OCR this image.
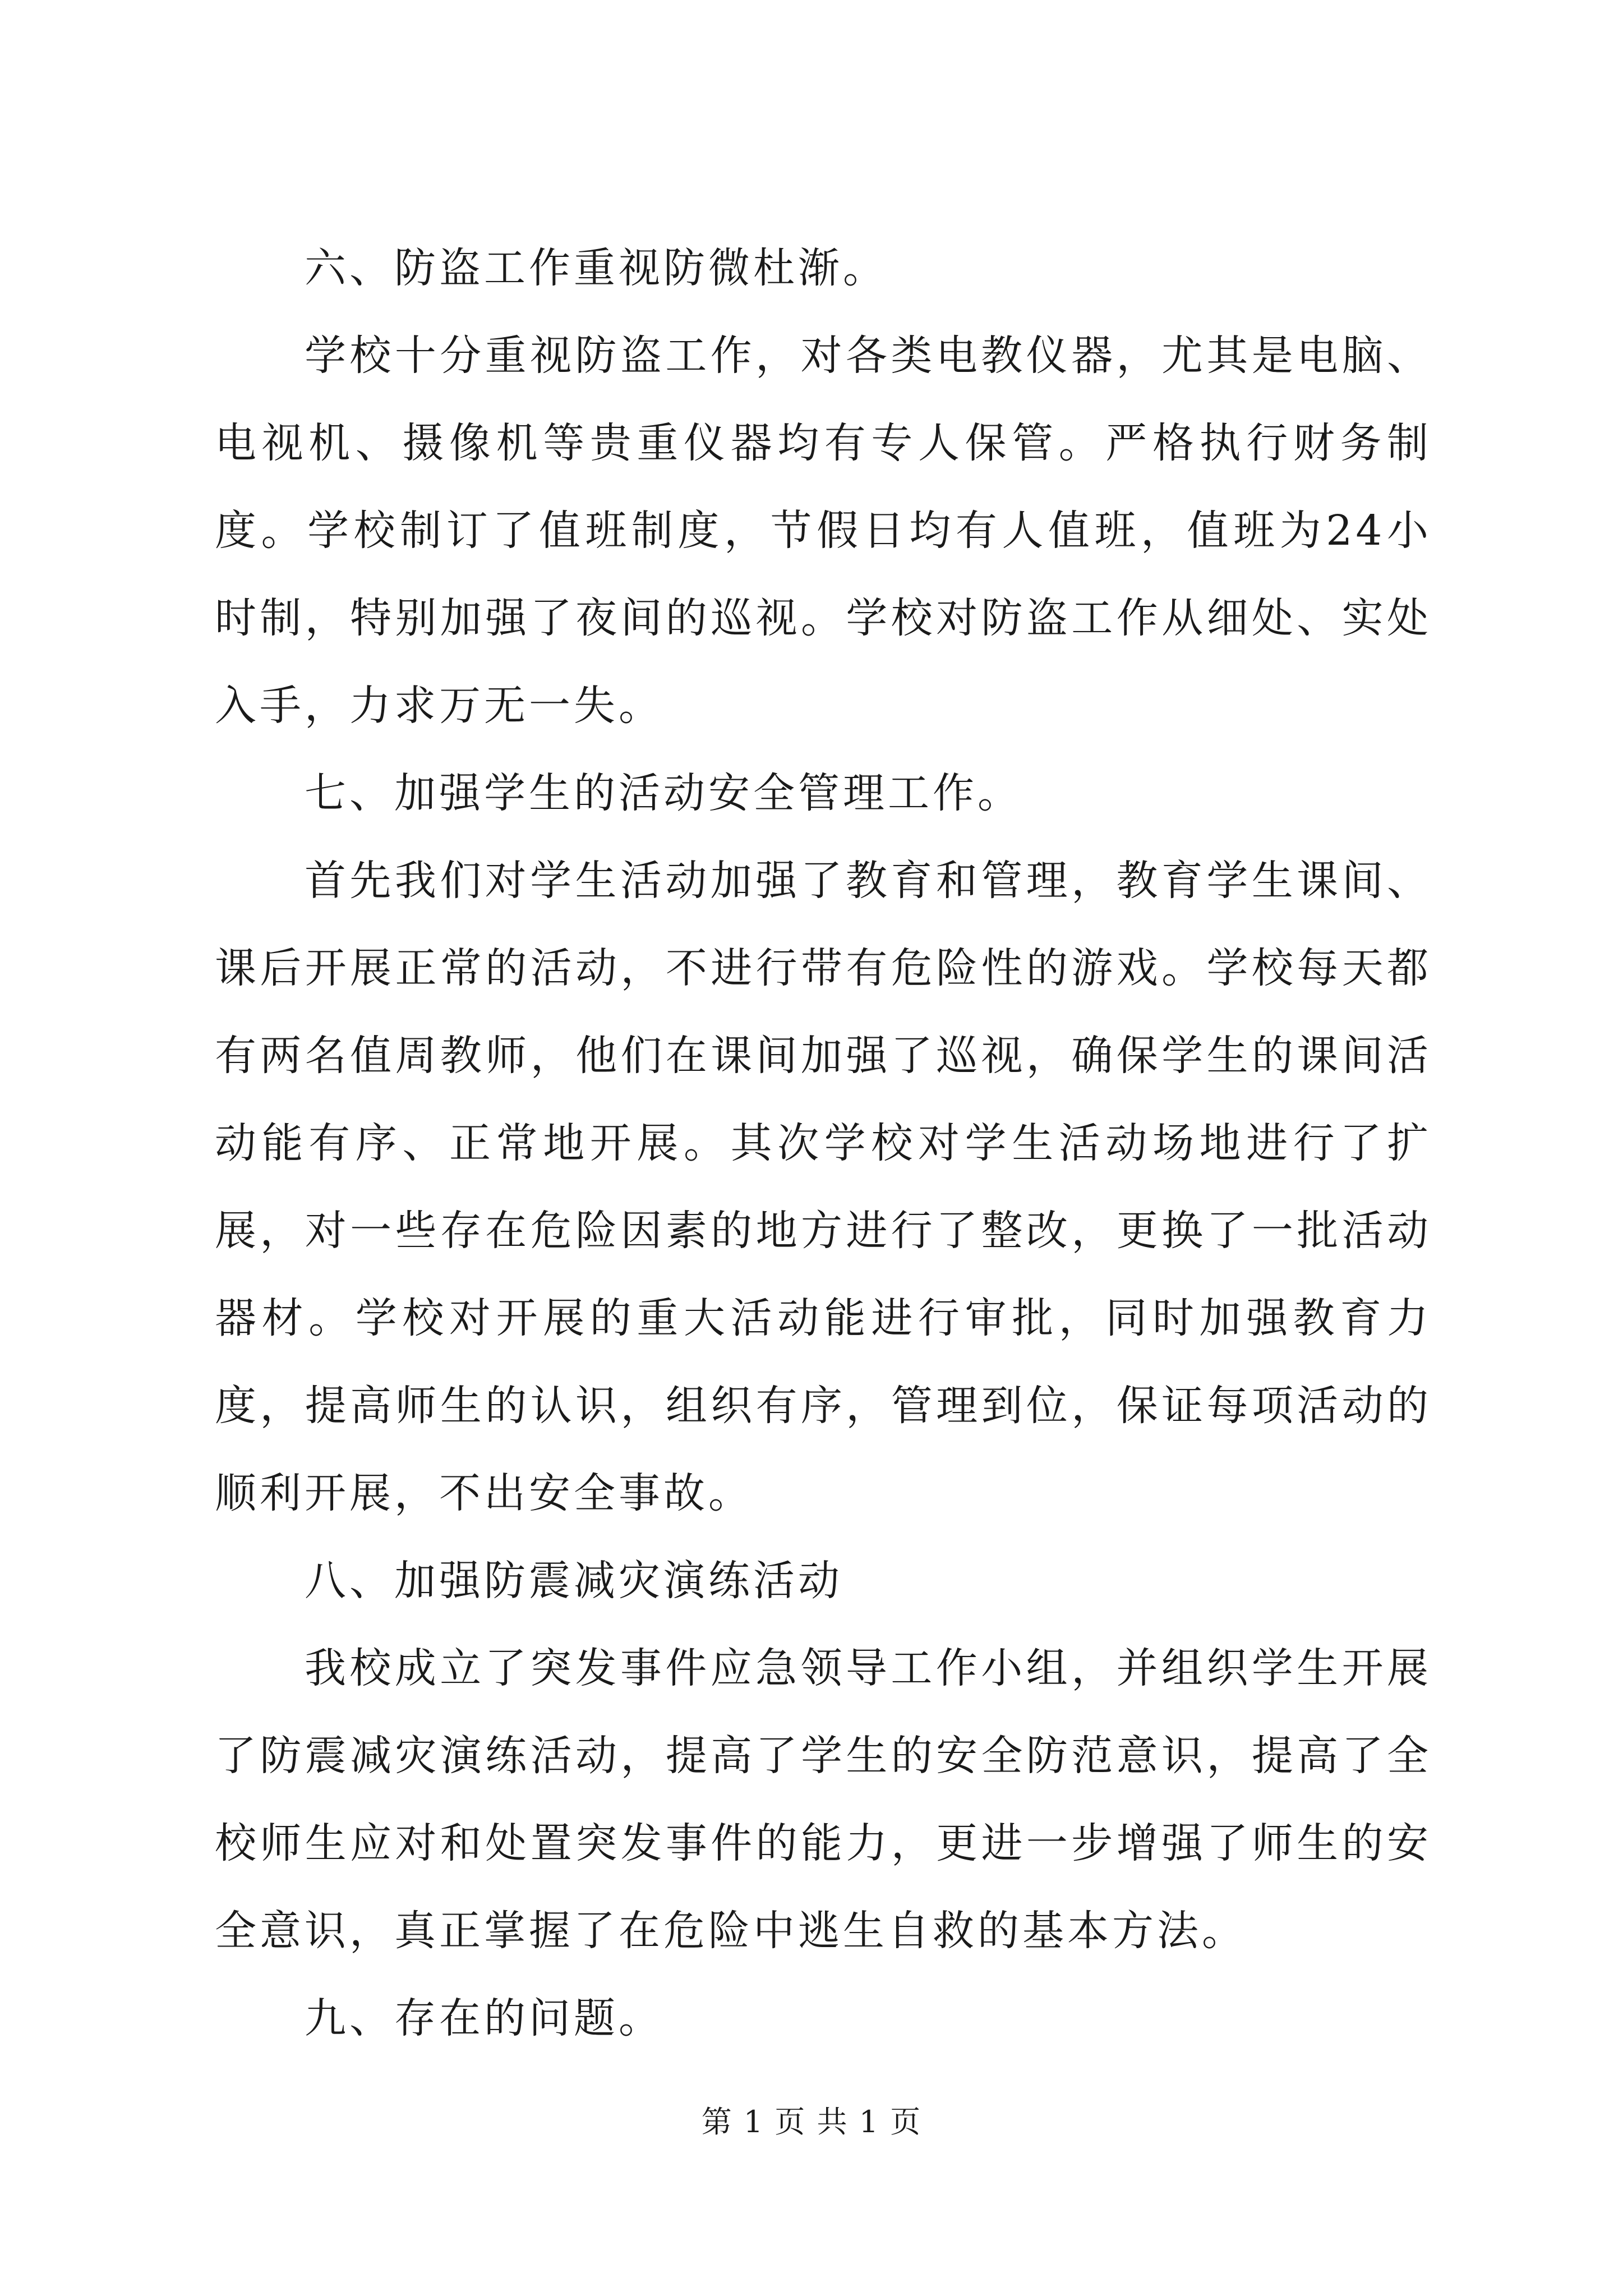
六、防盗工作重视防微杜渐。

学校十分重视防盗工作，对各类电教仪器，尤其是电脑、电视机、摄像机等贵重仪器均有专人保管。严格执行财务制度。学校制订了值班制度，节假日均有人值班，值班为24小时制，特别加强了夜间的巡视。学校对防盗工作从细处、实处入手，力求万无一失。

七、加强学生的活动安全管理工作。

首先我们对学生活动加强了教育和管理，教育学生课间、课后开展正常的活动，不进行带有危险性的游戏。学校每天都有两名值周教师，他们在课间加强了巡视，确保学生的课间活动能有序、正常地开展。其次学校对学生活动场地进行了扩展，对一些存在危险因素的地方进行了整改，更换了一批活动器材。学校对开展的重大活动能进行审批，同时加强教育力度，提高师生的认识，组织有序，管理到位，保证每项活动的顺利开展，不出安全事故。

八、加强防震减灾演练活动

我校成立了突发事件应急领导工作小组，并组织学生开展了防震减灾演练活动，提高了学生的安全防范意识，提高了全校师生应对和处置突发事件的能力，更进一步增强了师生的安全意识，真正掌握了在危险中逃生自救的基本方法。

九、存在的问题。

第 1 页 共 1 页
